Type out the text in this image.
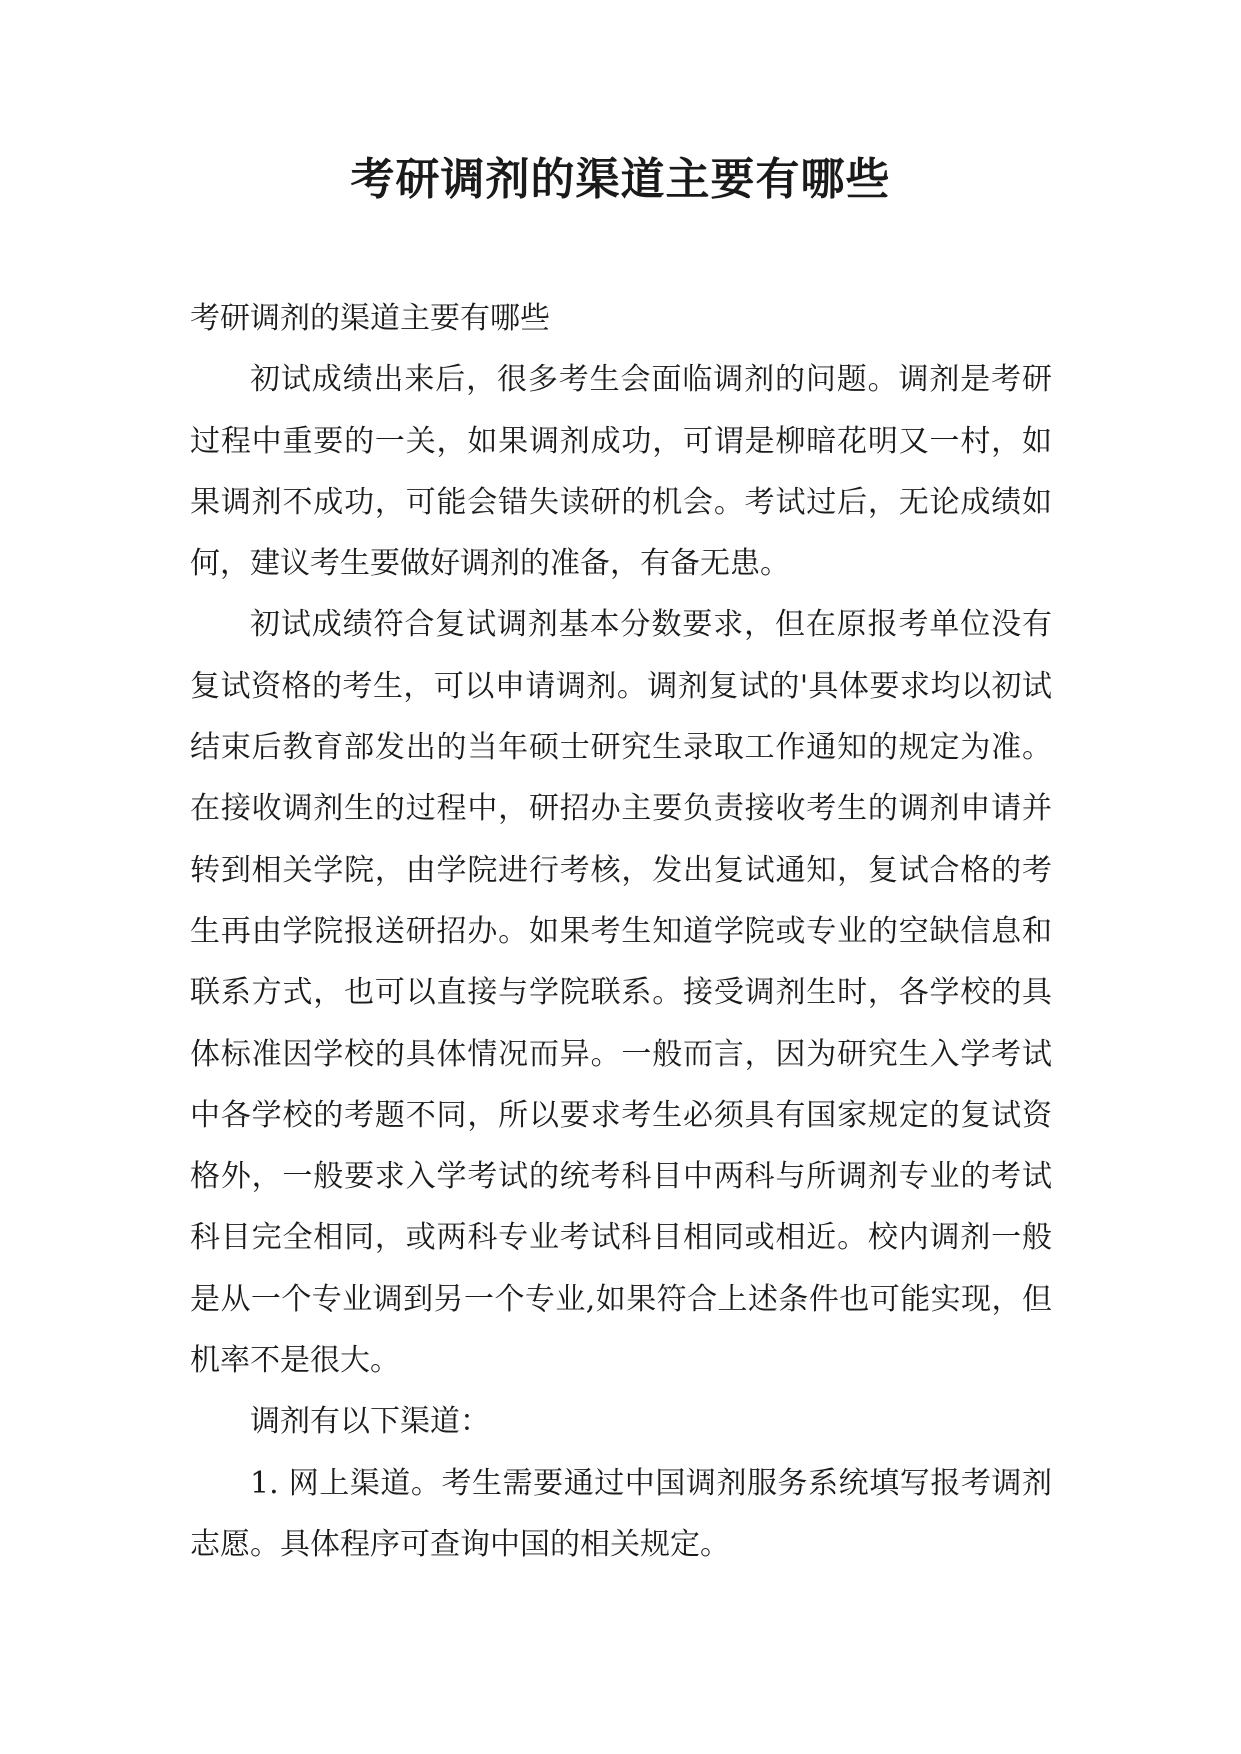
考研调剂的渠道主要有哪些

考研调剂的渠道主要有哪些

初试成绩出来后，很多考生会面临调剂的问题。调剂是考研过程中重要的一关，如果调剂成功，可谓是柳暗花明又一村，如果调剂不成功，可能会错失读研的机会。考试过后，无论成绩如何，建议考生要做好调剂的准备，有备无患。

初试成绩符合复试调剂基本分数要求，但在原报考单位没有复试资格的考生，可以申请调剂。调剂复试的'具体要求均以初试结束后教育部发出的当年硕士研究生录取工作通知的规定为准。在接收调剂生的过程中，研招办主要负责接收考生的调剂申请并转到相关学院，由学院进行考核，发出复试通知，复试合格的考生再由学院报送研招办。如果考生知道学院或专业的空缺信息和联系方式，也可以直接与学院联系。接受调剂生时，各学校的具体标准因学校的具体情况而异。一般而言，因为研究生入学考试中各学校的考题不同，所以要求考生必须具有国家规定的复试资格外，一般要求入学考试的统考科目中两科与所调剂专业的考试科目完全相同，或两科专业考试科目相同或相近。校内调剂一般是从一个专业调到另一个专业,如果符合上述条件也可能实现，但机率不是很大。

调剂有以下渠道：

1. 网上渠道。考生需要通过中国调剂服务系统填写报考调剂志愿。具体程序可查询中国的相关规定。
